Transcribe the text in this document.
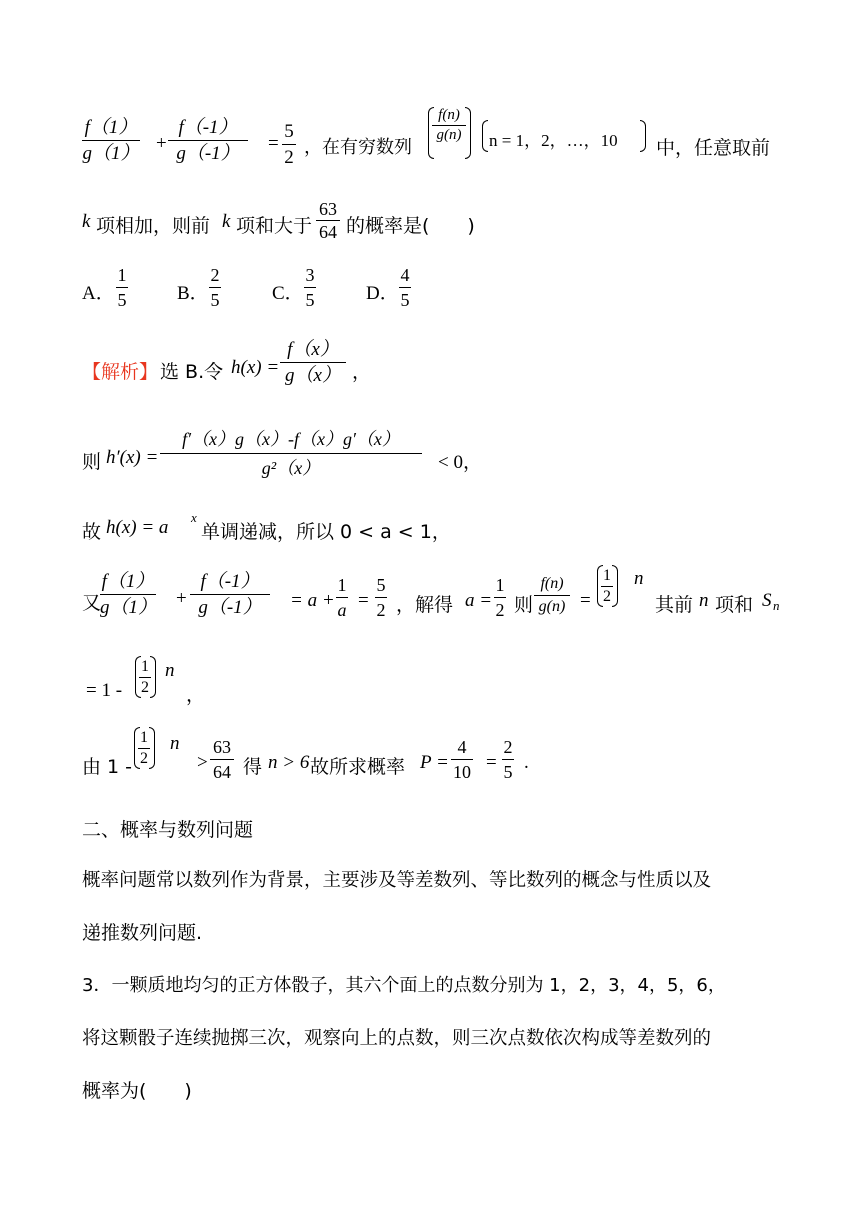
f（1）
g（1） +
f（-1）
g（-1）	=
5
2 ，在有穷数列
f(n)
g(n) n = 1，2，…，10 中，任意取前
k 项相加，则前 k 项和大于
63
64 的概率是(　　)
A．
1
5	B．
2
5	C．
3
5	D．
4
5
【解析】 选 B.令 h(x) =
f（x）
g（x） ，
则 h′(x) =
f′（x）g（x）-f（x）g′（x）
g²（x）	< 0，
故 h(x) = a x
单调递减，所以 0 < a < 1，
又
f（1）
g（1） +
f（-1）
g（-1）	= a +
1
a =
5
2 ，解得 a =
1
2 则
f(n)
g(n) =
1
2
n
其前 n 项和 S n
= 1 -
1
2
n
，
由 1 -
1
2
n
>
63
64 得 n > 6 故所求概率 P =
4
10 =
2
5 .
二、概率与数列问题
概率问题常以数列作为背景，主要涉及等差数列、等比数列的概念与性质以及
递推数列问题.
3．一颗质地均匀的正方体骰子，其六个面上的点数分别为 1，2，3，4，5，6，
将这颗骰子连续抛掷三次，观察向上的点数，则三次点数依次构成等差数列的
概率为(　　)
